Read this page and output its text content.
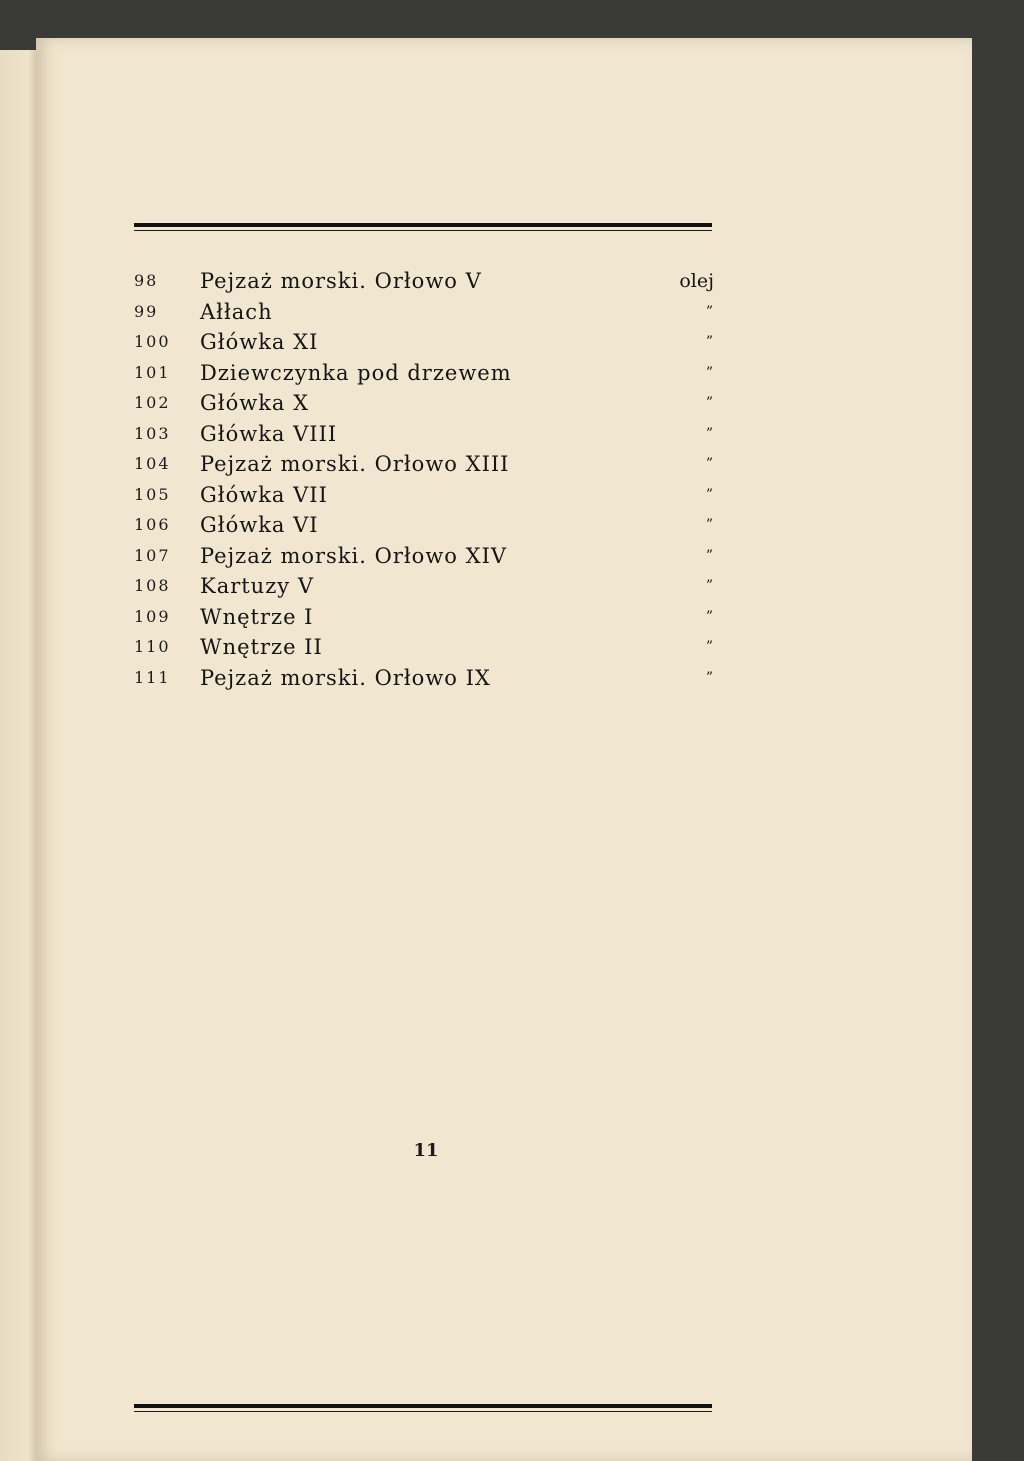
98	Pejzaż morski. Orłowo V	olej
99	Ałłach	”
100	Główka XI	”
101	Dziewczynka pod drzewem	”
102	Główka X	”
103	Główka VIII	”
104	Pejzaż morski. Orłowo XIII	”
105	Główka VII	”
106	Główka VI	”
107	Pejzaż morski. Orłowo XIV	”
108	Kartuzy V	”
109	Wnętrze I	”
110	Wnętrze II	”
111	Pejzaż morski. Orłowo IX	”
11
